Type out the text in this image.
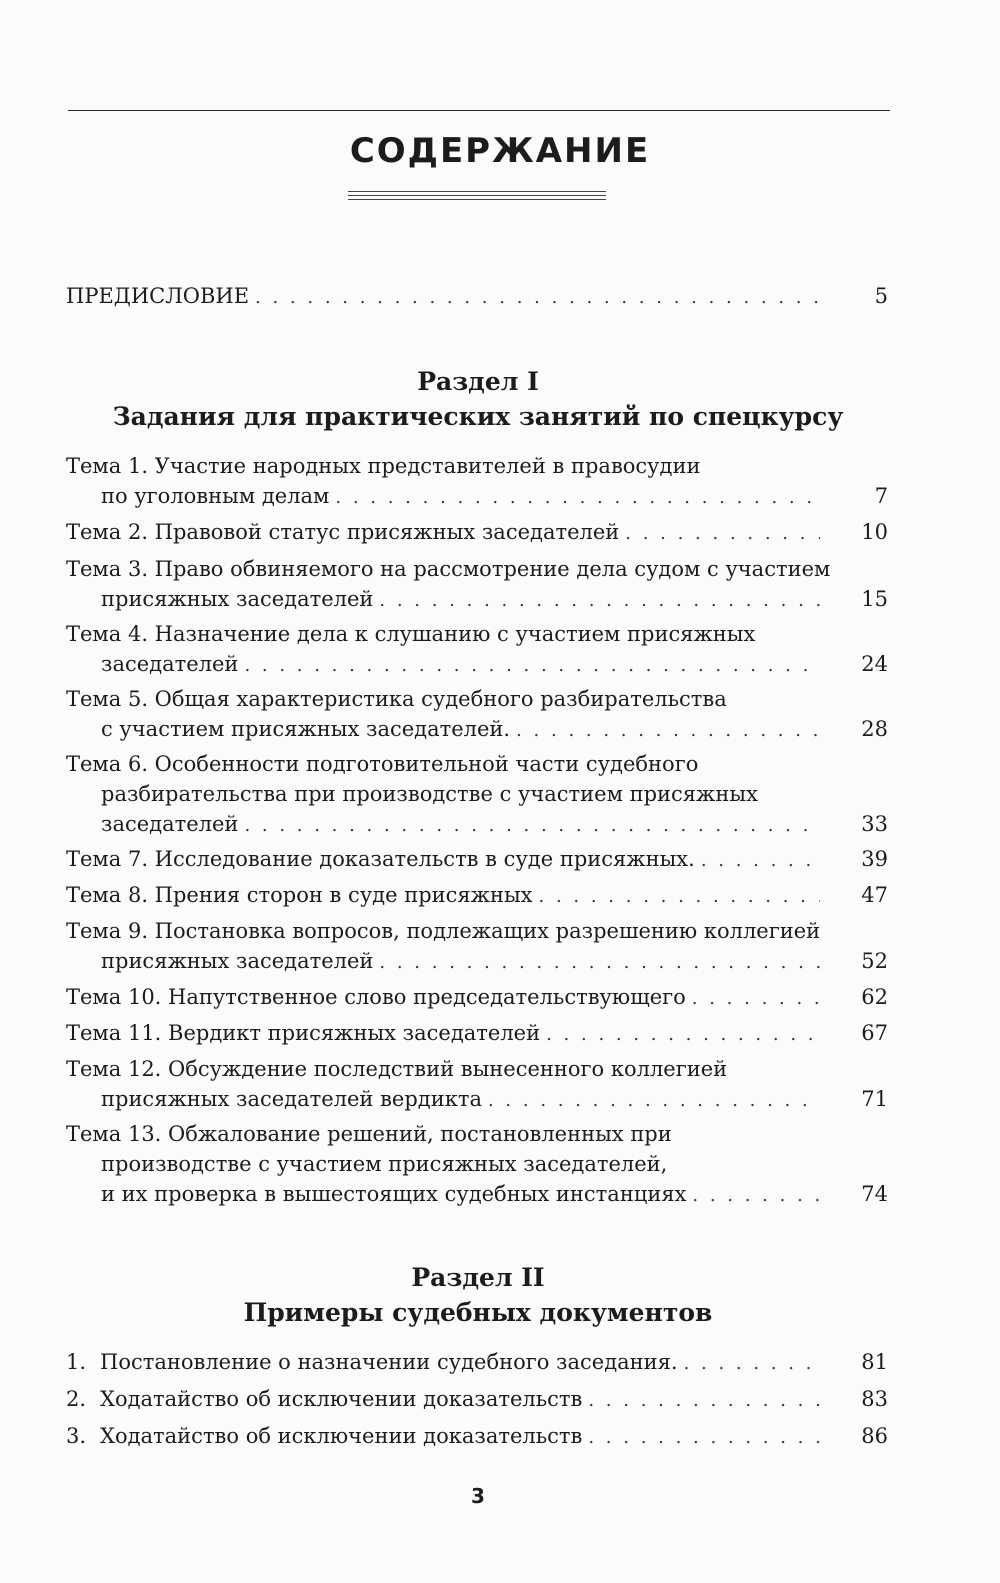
СОДЕРЖАНИЕ
ПРЕДИСЛОВИЕ . . .	5
Раздел I
Задания для практических занятий по спецкурсу
Тема 1. Участие народных представителей в правосудии
по уголовным делам . . .	7
Тема 2. Правовой статус присяжных заседателей . . .	10
Тема 3. Право обвиняемого на рассмотрение дела судом с участием
присяжных заседателей . . .	15
Тема 4. Назначение дела к слушанию с участием присяжных
заседателей . . .	24
Тема 5. Общая характеристика судебного разбирательства
с участием присяжных заседателей. . . .	28
Тема 6. Особенности подготовительной части судебного
разбирательства при производстве с участием присяжных
заседателей . . .	33
Тема 7. Исследование доказательств в суде присяжных. . . .	39
Тема 8. Прения сторон в суде присяжных . . .	47
Тема 9. Постановка вопросов, подлежащих разрешению коллегией
присяжных заседателей . . .	52
Тема 10. Напутственное слово председательствующего . . .	62
Тема 11. Вердикт присяжных заседателей . . .	67
Тема 12. Обсуждение последствий вынесенного коллегией
присяжных заседателей вердикта . . .	71
Тема 13. Обжалование решений, постановленных при
производстве с участием присяжных заседателей,
и их проверка в вышестоящих судебных инстанциях . . .	74
Раздел II
Примеры судебных документов
1. Постановление о назначении судебного заседания. . . .	81
2. Ходатайство об исключении доказательств . . .	83
3. Ходатайство об исключении доказательств . . .	86
3
